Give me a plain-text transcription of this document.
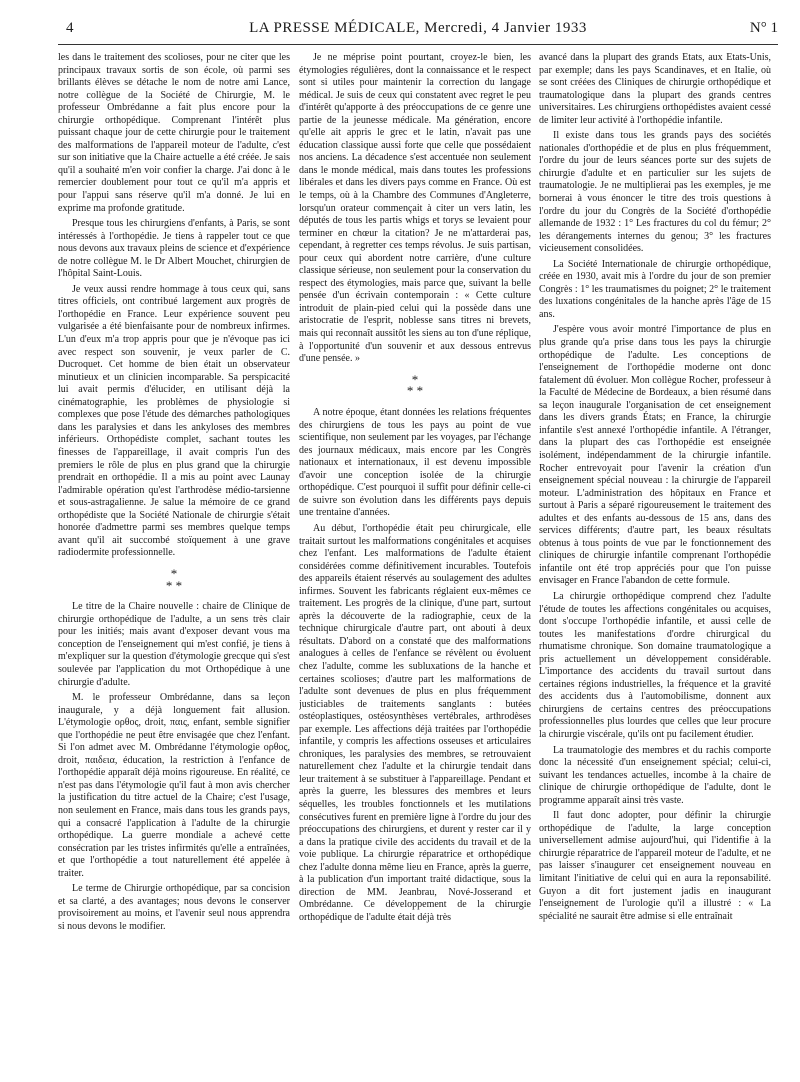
4	LA PRESSE MÉDICALE, Mercredi, 4 Janvier 1933	N° 1

les dans le traitement des scolioses, pour ne citer que les principaux travaux sortis de son école, où parmi ses brillants élèves se détache le nom de notre ami Lance, notre collègue de la Société de Chirurgie, M. le professeur Ombrédanne a fait plus encore pour la chirurgie orthopédique. Comprenant l'intérêt plus puissant chaque jour de cette chirurgie pour le traitement des malformations de l'appareil moteur de l'adulte, c'est sur son initiative que la Chaire actuelle a été créée. Je sais qu'il a souhaité m'en voir confier la charge. J'ai donc à le remercier doublement pour tout ce qu'il m'a appris et pour l'appui sans réserve qu'il m'a donné. Je lui en exprime ma profonde gratitude.

Presque tous les chirurgiens d'enfants, à Paris, se sont intéressés à l'orthopédie. Je tiens à rappeler tout ce que nous devons aux travaux pleins de science et d'expérience de notre collègue M. le Dr Albert Mouchet, chirurgien de l'hôpital Saint-Louis.

Je veux aussi rendre hommage à tous ceux qui, sans titres officiels, ont contribué largement aux progrès de l'orthopédie en France. Leur expérience souvent peu vulgarisée a été bienfaisante pour de nombreux infirmes. L'un d'eux m'a trop appris pour que je n'évoque pas ici avec respect son souvenir, je veux parler de C. Ducroquet. Cet homme de bien était un observateur minutieux et un clinicien incomparable. Sa perspicacité lui avait permis d'élucider, en utilisant déjà la cinématographie, les problèmes de physiologie si complexes que pose l'étude des démarches pathologiques dans les paralysies et dans les ankyloses des membres inférieurs. Orthopédiste complet, sachant toutes les finesses de l'appareillage, il avait compris l'un des premiers le rôle de plus en plus grand que la chirurgie prendrait en orthopédie. Il a mis au point avec Launay l'admirable opération qu'est l'arthrodèse médio-tarsienne et sous-astragalienne. Je salue la mémoire de ce grand orthopédiste que la Société Nationale de chirurgie s'était honorée d'admettre parmi ses membres quelque temps avant qu'il ait succombé stoïquement à une grave radiodermite professionnelle.

*
* *

Le titre de la Chaire nouvelle : chaire de Clinique de chirurgie orthopédique de l'adulte, a un sens très clair pour les initiés; mais avant d'exposer devant vous ma conception de l'enseignement qui m'est confié, je tiens à m'expliquer sur la question d'étymologie grecque qui s'est soulevée par l'application du mot Orthopédique à une chirurgie d'adulte.

M. le professeur Ombrédanne, dans sa leçon inaugurale, y a déjà longuement fait allusion. L'étymologie ορθος, droit, παις, enfant, semble signifier que l'orthopédie ne peut être envisagée que chez l'enfant. Si l'on admet avec M. Ombrédanne l'étymologie ορθος, droit, παιδεια, éducation, la restriction à l'enfance de l'orthopédie apparaît déjà moins rigoureuse. En réalité, ce n'est pas dans l'étymologie qu'il faut à mon avis chercher la justification du titre actuel de la Chaire; c'est l'usage, non seulement en France, mais dans tous les grands pays, qui a consacré l'application à l'adulte de la chirurgie orthopédique. La guerre mondiale a achevé cette consécration par les tristes infirmités qu'elle a entraînées, et que l'orthopédie a tout naturellement été appelée à traiter.

Le terme de Chirurgie orthopédique, par sa concision et sa clarté, a des avantages; nous devons le conserver provisoirement au moins, et l'avenir seul nous apprendra si nous devons le modifier.

Je ne méprise point pourtant, croyez-le bien, les étymologies régulières, dont la connaissance et le respect sont si utiles pour maintenir la correction du langage médical. Je suis de ceux qui constatent avec regret le peu d'intérêt qu'apporte à des préoccupations de ce genre une partie de la jeunesse médicale. Ma génération, encore qu'elle ait appris le grec et le latin, n'avait pas une éducation classique aussi forte que celle que possédaient nos anciens. La décadence s'est accentuée non seulement dans le monde médical, mais dans toutes les professions libérales et dans les divers pays comme en France. Où est le temps, où à la Chambre des Communes d'Angleterre, lorsqu'un orateur commençait à citer un vers latin, les députés de tous les partis whigs et torys se levaient pour terminer en chœur la citation? Je ne m'attarderai pas, cependant, à regretter ces temps révolus. Je suis partisan, pour ceux qui abordent notre carrière, d'une culture classique sérieuse, non seulement pour la conservation du respect des étymologies, mais parce que, suivant la belle pensée d'un écrivain contemporain : « Cette culture introduit de plain-pied celui qui la possède dans une aristocratie de l'esprit, noblesse sans titres ni brevets, mais qui reconnaît aussitôt les siens au ton d'une réplique, à l'opportunité d'un souvenir et aux dessous entrevus d'une pensée. »

*
* *

A notre époque, étant données les relations fréquentes des chirurgiens de tous les pays au point de vue scientifique, non seulement par les voyages, par l'échange des journaux médicaux, mais encore par les Congrès nationaux et internationaux, il est devenu impossible d'avoir une conception isolée de la chirurgie orthopédique. C'est pourquoi il suffit pour définir celle-ci de suivre son évolution dans les différents pays depuis une trentaine d'années.

Au début, l'orthopédie était peu chirurgicale, elle traitait surtout les malformations congénitales et acquises chez l'enfant. Les malformations de l'adulte étaient considérées comme définitivement incurables. Toutefois des appareils étaient réservés au soulagement des adultes infirmes. Souvent les fabricants réglaient eux-mêmes ce traitement. Les progrès de la clinique, d'une part, surtout après la découverte de la radiographie, ceux de la technique chirurgicale d'autre part, ont abouti à deux résultats. D'abord on a constaté que des malformations analogues à celles de l'enfance se révèlent ou évoluent chez l'adulte, comme les subluxations de la hanche et certaines scolioses; d'autre part les malformations de l'adulte sont devenues de plus en plus fréquemment justiciables de traitements sanglants : butées ostéoplastiques, ostéosynthèses vertébrales, arthrodèses par exemple. Les affections déjà traitées par l'orthopédie infantile, y compris les affections osseuses et articulaires chroniques, les paralysies des membres, se retrouvaient naturellement chez l'adulte et la chirurgie tendait dans leur traitement à se substituer à l'appareillage. Pendant et après la guerre, les blessures des membres et leurs séquelles, les troubles fonctionnels et les mutilations consécutives furent en première ligne à l'ordre du jour des préoccupations des chirurgiens, et durent y rester car il y a dans la pratique civile des accidents du travail et de la voie publique. La chirurgie réparatrice et orthopédique chez l'adulte donna même lieu en France, après la guerre, à la publication d'un important traité didactique, sous la direction de MM. Jeanbrau, Nové-Josserand et Ombrédanne. Ce développement de la chirurgie orthopédique de l'adulte était déjà très

avancé dans la plupart des grands Etats, aux Etats-Unis, par exemple; dans les pays Scandinaves, et en Italie, où se sont créées des Cliniques de chirurgie orthopédique et traumatologique dans la plupart des grands centres universitaires. Les chirurgiens orthopédistes avaient cessé de limiter leur activité à l'orthopédie infantile.

Il existe dans tous les grands pays des sociétés nationales d'orthopédie et de plus en plus fréquemment, l'ordre du jour de leurs séances porte sur des sujets de chirurgie d'adulte et en particulier sur les sujets de traumatologie. Je ne multiplierai pas les exemples, je me bornerai à vous énoncer le titre des trois questions à l'ordre du jour du Congrès de la Société d'orthopédie allemande de 1932 : 1° Les fractures du col du fémur; 2° les dérangements internes du genou; 3° les fractures vicieusement consolidées.

La Société Internationale de chirurgie orthopédique, créée en 1930, avait mis à l'ordre du jour de son premier Congrès : 1° les traumatismes du poignet; 2° le traitement des luxations congénitales de la hanche après l'âge de 15 ans.

J'espère vous avoir montré l'importance de plus en plus grande qu'a prise dans tous les pays la chirurgie orthopédique de l'adulte. Les conceptions de l'enseignement de l'orthopédie moderne ont donc fatalement dû évoluer. Mon collègue Rocher, professeur à la Faculté de Médecine de Bordeaux, a bien résumé dans sa leçon inaugurale l'organisation de cet enseignement dans les divers grands États; en France, la chirurgie infantile s'est annexé l'orthopédie infantile. A l'étranger, dans la plupart des cas l'orthopédie est enseignée isolément, indépendamment de la chirurgie infantile. Rocher entrevoyait pour l'avenir la création d'un enseignement spécial nouveau : la chirurgie de l'appareil moteur. L'administration des hôpitaux en France et surtout à Paris a séparé rigoureusement le traitement des adultes et des enfants au-dessous de 15 ans, dans des services différents; d'autre part, les beaux résultats obtenus à tous points de vue par le fonctionnement des cliniques de chirurgie infantile comprenant l'orthopédie infantile ont été trop appréciés pour que l'on puisse envisager en France l'abandon de cette formule.

La chirurgie orthopédique comprend chez l'adulte l'étude de toutes les affections congénitales ou acquises, dont s'occupe l'orthopédie infantile, et aussi celle de toutes les manifestations d'ordre chirurgical du rhumatisme chronique. Son domaine traumatologique a pris actuellement un développement considérable. L'importance des accidents du travail surtout dans certaines régions industrielles, la fréquence et la gravité des accidents dus à l'automobilisme, donnent aux chirurgiens de certains centres des préoccupations professionnelles plus lourdes que celles que leur procure la chirurgie viscérale, qu'ils ont pu facilement étudier.

La traumatologie des membres et du rachis comporte donc la nécessité d'un enseignement spécial; celui-ci, suivant les tendances actuelles, incombe à la chaire de clinique de chirurgie orthopédique de l'adulte, dont le programme apparaît ainsi très vaste.

Il faut donc adopter, pour définir la chirurgie orthopédique de l'adulte, la large conception universellement admise aujourd'hui, qui l'identifie à la chirurgie réparatrice de l'appareil moteur de l'adulte, et ne pas laisser s'inaugurer cet enseignement nouveau en limitant l'initiative de celui qui en aura la reponsabilité. Guyon a dit fort justement jadis en inaugurant l'enseignement de l'urologie qu'il a illustré : « La spécialité ne saurait être admise si elle entraînait
